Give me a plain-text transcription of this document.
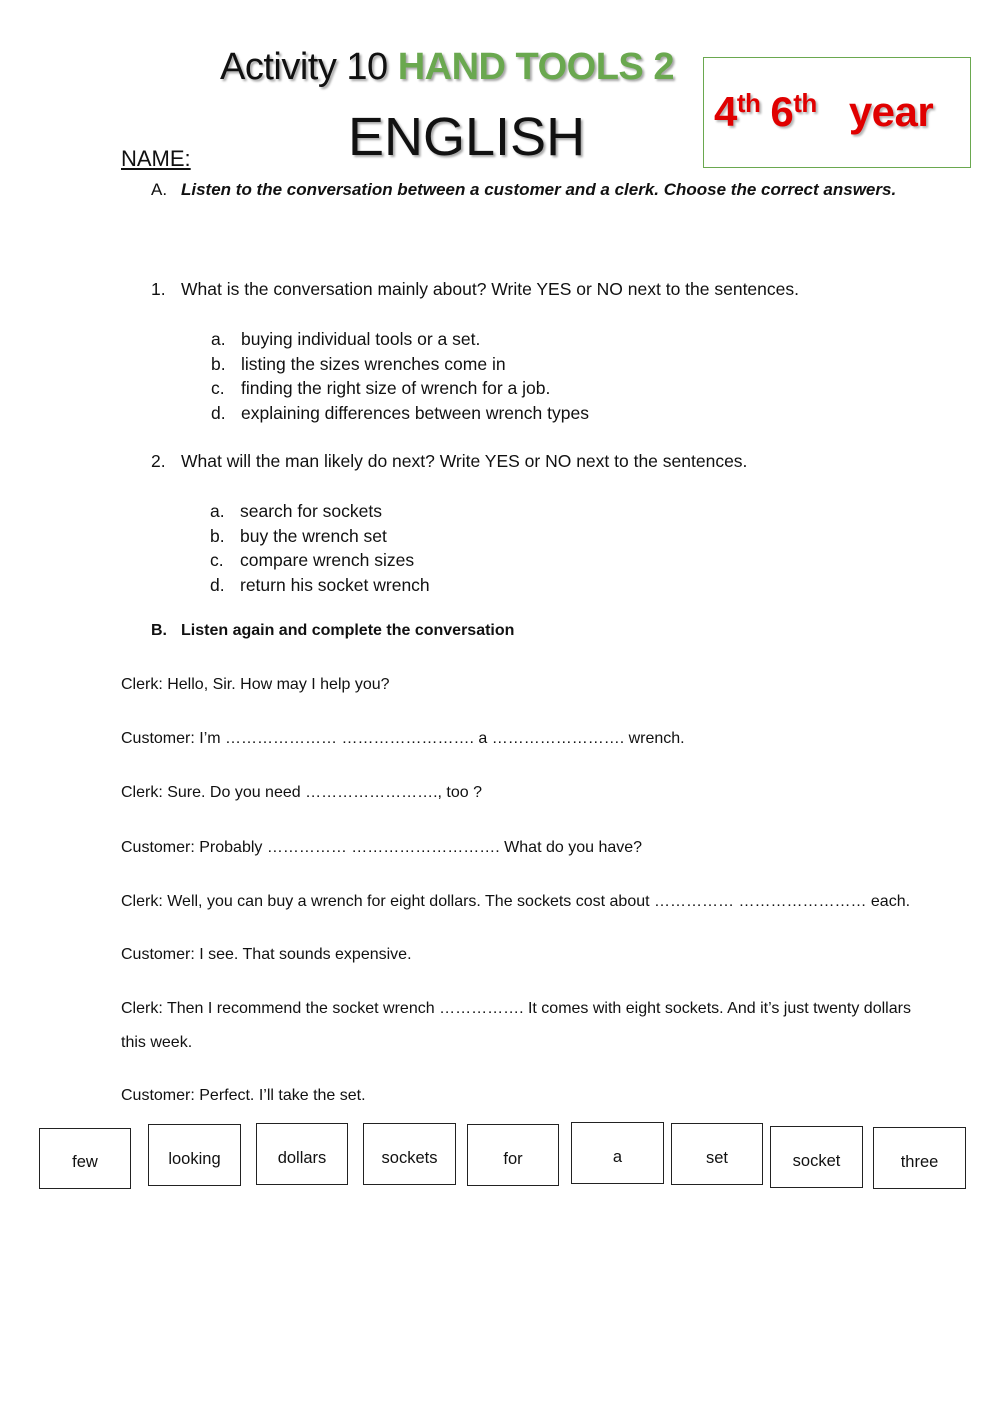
Activity 10 HAND TOOLS 2
ENGLISH
NAME:
4th 6th year
A. Listen to the conversation between a customer and a clerk. Choose the correct answers.
1. What is the conversation mainly about? Write YES or NO next to the sentences.
a. buying individual tools or a set.
b. listing the sizes wrenches come in
c. finding the right size of wrench for a job.
d. explaining differences between wrench types
2. What will the man likely do next? Write YES or NO next to the sentences.
a. search for sockets
b. buy the wrench set
c. compare wrench sizes
d. return his socket wrench
B. Listen again and complete the conversation
Clerk: Hello, Sir. How may I help you?
Customer: I’m ………………… ……………………. a ……………………. wrench.
Clerk: Sure. Do you need ……………………., too ?
Customer: Probably …………… ………………………. What do you have?
Clerk: Well, you can buy a wrench for eight dollars. The sockets cost about …………… …………………… each.
Customer: I see. That sounds expensive.
Clerk: Then I recommend the socket wrench ……………. It comes with eight sockets. And it’s just twenty dollars this week.
Customer: Perfect. I’ll take the set.
few	looking	dollars	sockets	for	a	set	socket	three
